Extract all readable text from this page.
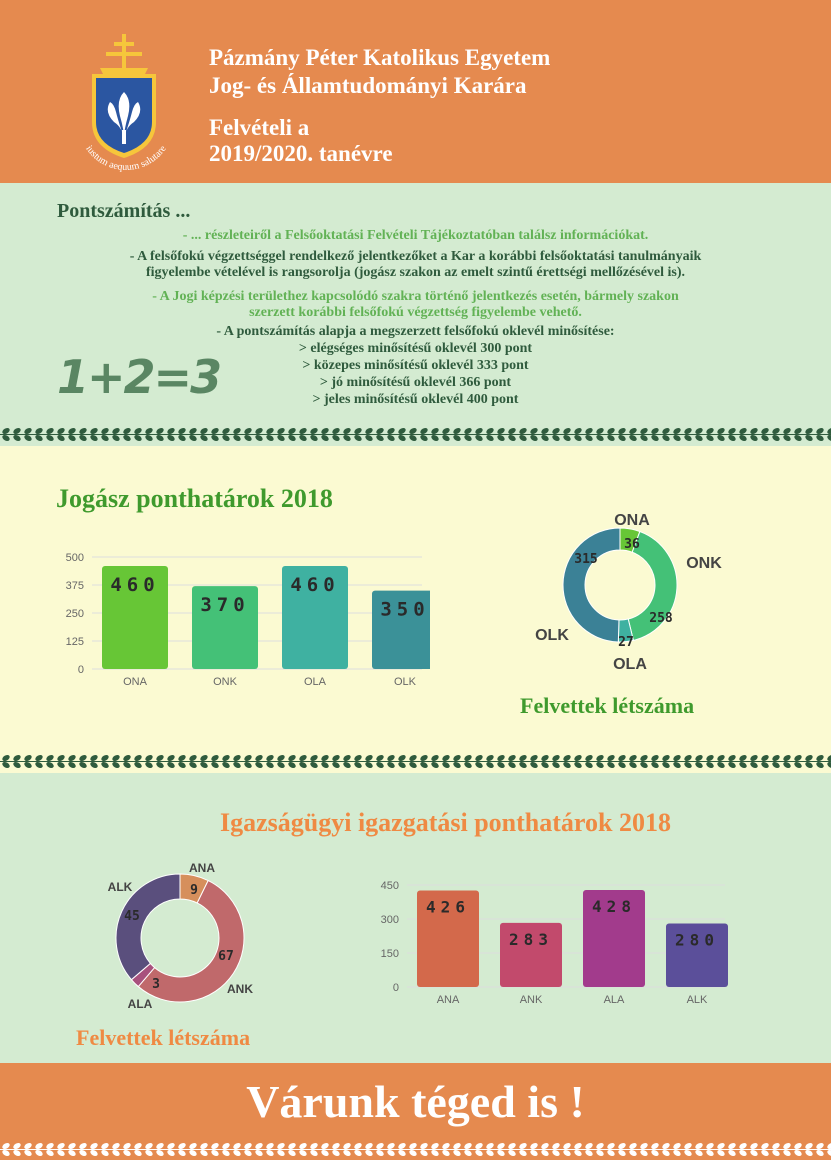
iustum aequum salutare
Pázmány Péter Katolikus Egyetem
Jog- és Államtudományi Karára
Felvételi a
2019/2020. tanévre
Pontszámítás ...
- ... részleteiről a Felsőoktatási Felvételi Tájékoztatóban találsz információkat.
- A felsőfokú végzettséggel rendelkező jelentkezőket a Kar a korábbi felsőoktatási tanulmányaik
figyelembe vételével is rangsorolja (jogász szakon az emelt szintű érettségi mellőzésével is).
- A Jogi képzési területhez kapcsolódó szakra történő jelentkezés esetén, bármely szakon
szerzett korábbi felsőfokú végzettség figyelembe vehető.
- A pontszámítás alapja a megszerzett felsőfokú oklevél minősítése:
> elégséges minősítésű oklevél 300 pont
> közepes minősítésű oklevél 333 pont
> jó minősítésű oklevél 366 pont
> jeles minősítésű oklevél 400 pont
1+2=3
Jogász ponthatárok 2018
500
375
250
125
0
460
ONA
370
ONK
460
OLA
350
OLK
ONA
36
ONK
258
OLA
27
OLK
315
Felvettek létszáma
Igazságügyi igazgatási ponthatárok 2018
ANA
9
ANK
67
ALA
3
ALK
45
Felvettek létszáma
450
300
150
0
426
ANA
283
ANK
428
ALA
280
ALK
Várunk téged is !
